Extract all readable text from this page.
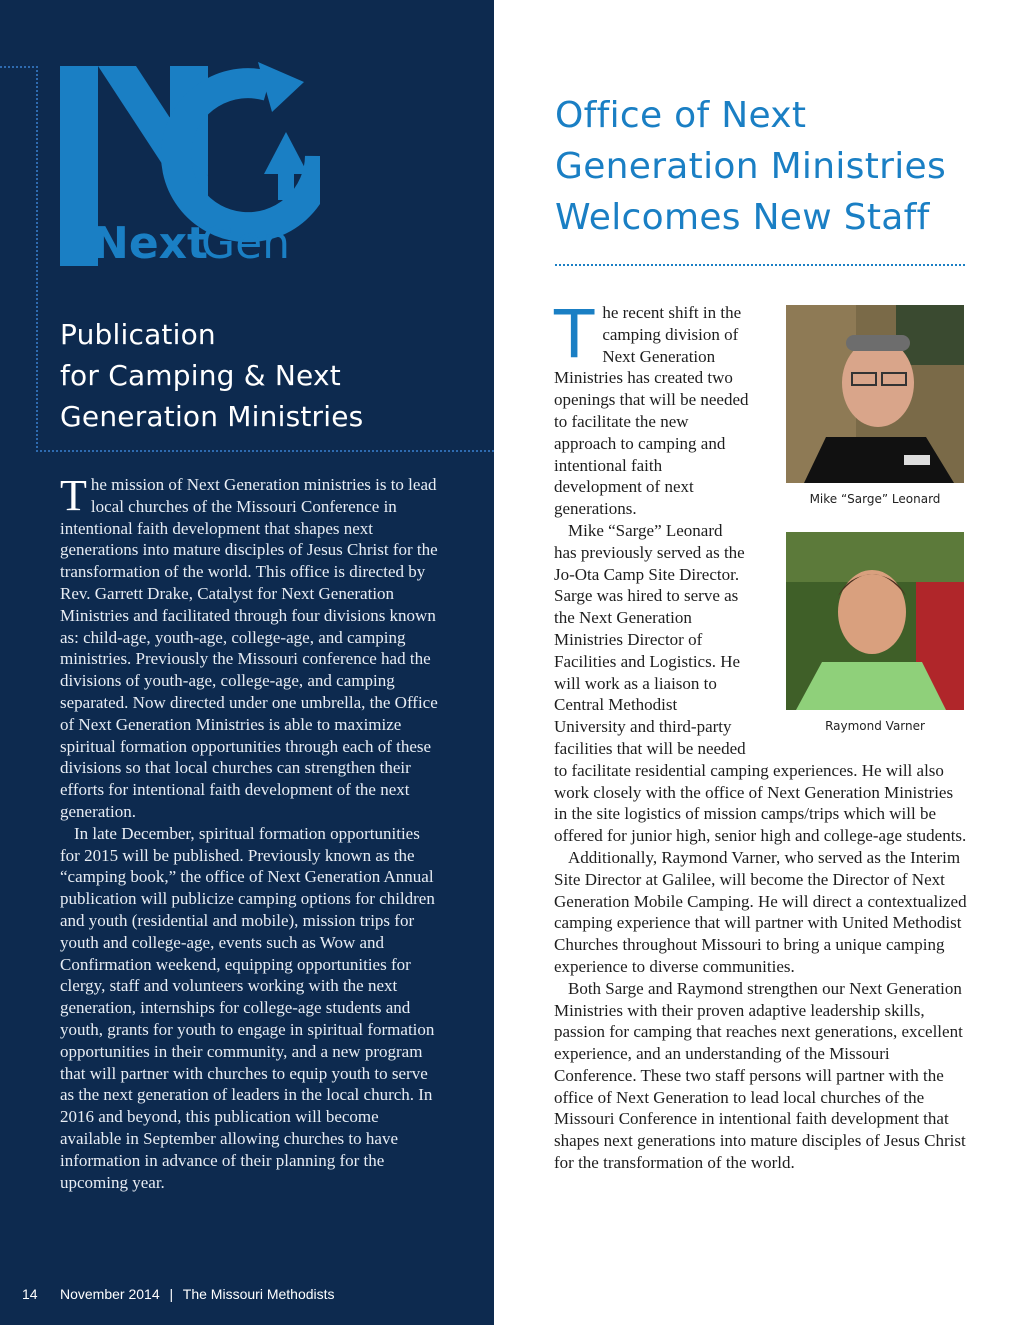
Next
Gen
Publication
for Camping & Next
Generation Ministries

The mission of Next Generation ministries is to lead local churches of the Missouri Conference in intentional faith development that shapes next generations into mature disciples of Jesus Christ for the transformation of the world. This office is directed by Rev. Garrett Drake, Catalyst for Next Generation Ministries and facilitated through four divisions known as: child-age, youth-age, college-age, and camping ministries. Previously the Missouri conference had the divisions of youth-age, college-age, and camping separated. Now directed under one umbrella, the Office of Next Generation Ministries is able to maximize spiritual formation opportunities through each of these divisions so that local churches can strengthen their efforts for intentional faith development of the next generation.

In late December, spiritual formation opportunities for 2015 will be published. Previously known as the “camping book,” the office of Next Generation Annual publication will publicize camping options for children and youth (residential and mobile), mission trips for youth and college-age, events such as Wow and Confirmation weekend, equipping opportunities for clergy, staff and volunteers working with the next generation, internships for college-age students and youth, grants for youth to engage in spiritual formation opportunities in their community, and a new program that will partner with churches to equip youth to serve as the next generation of leaders in the local church. In 2016 and beyond, this publication will become available in September allowing churches to have information in advance of their planning for the upcoming year.

14 November 2014 | The Missouri Methodists
Office of Next
Generation Ministries
Welcomes New Staff
Mike “Sarge” Leonard
Raymond Varner

The recent shift in the camping division of Next Generation Ministries has created two openings that will be needed to facilitate the new approach to camping and intentional faith development of next generations.

Mike “Sarge” Leonard has previously served as the Jo-Ota Camp Site Director. Sarge was hired to serve as the Next Generation Ministries Director of Facilities and Logistics. He will work as a liaison to Central Methodist University and third-party facilities that will be needed to facilitate residential camping experiences. He will also work closely with the office of Next Generation Ministries in the site logistics of mission camps/trips which will be offered for junior high, senior high and college-age students.

Additionally, Raymond Varner, who served as the Interim Site Director at Galilee, will become the Director of Next Generation Mobile Camping. He will direct a contextualized camping experience that will partner with United Methodist Churches throughout Missouri to bring a unique camping experience to diverse communities.

Both Sarge and Raymond strengthen our Next Generation Ministries with their proven adaptive leadership skills, passion for camping that reaches next generations, excellent experience, and an understanding of the Missouri Conference. These two staff persons will partner with the office of Next Generation to lead local churches of the Missouri Conference in intentional faith development that shapes next generations into mature disciples of Jesus Christ for the transformation of the world.
